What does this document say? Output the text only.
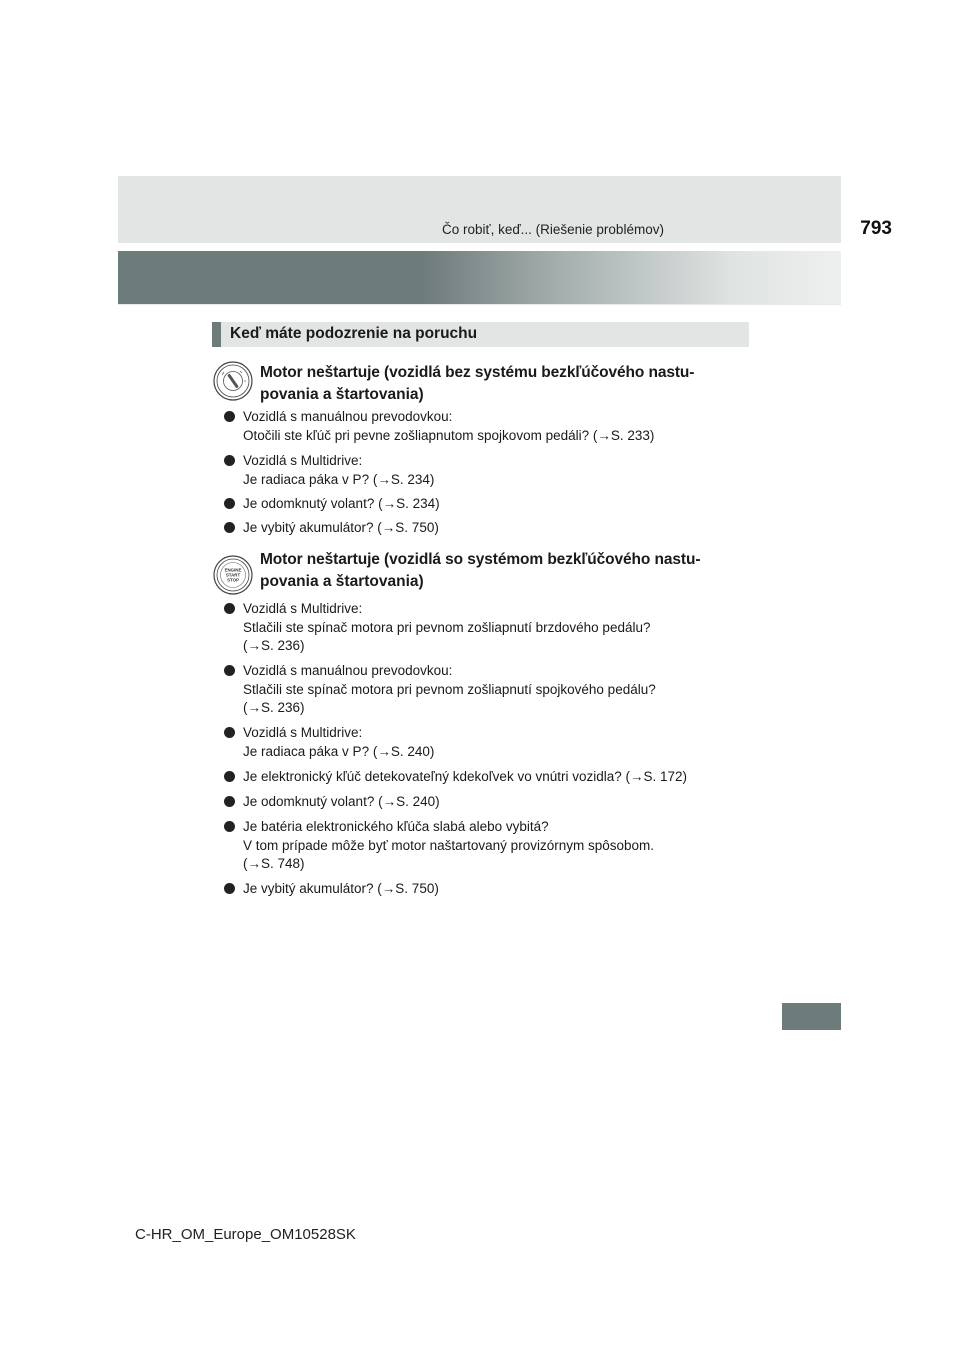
Čo robiť, keď... (Riešenie problémov)	793
Keď máte podozrenie na poruchu
Motor neštartuje (vozidlá bez systému bezkľúčového nastu-
povania a štartovania)
Vozidlá s manuálnou prevodovkou:
Otočili ste kľúč pri pevne zošliapnutom spojkovom pedáli? (→S. 233)
Vozidlá s Multidrive:
Je radiaca páka v P? (→S. 234)
Je odomknutý volant? (→S. 234)
Je vybitý akumulátor? (→S. 750)
ENGINE
START
STOP
Motor neštartuje (vozidlá so systémom bezkľúčového nastu-
povania a štartovania)
Vozidlá s Multidrive:
Stlačili ste spínač motora pri pevnom zošliapnutí brzdového pedálu?
(→S. 236)
Vozidlá s manuálnou prevodovkou:
Stlačili ste spínač motora pri pevnom zošliapnutí spojkového pedálu?
(→S. 236)
Vozidlá s Multidrive:
Je radiaca páka v P? (→S. 240)
Je elektronický kľúč detekovateľný kdekoľvek vo vnútri vozidla? (→S. 172)
Je odomknutý volant? (→S. 240)
Je batéria elektronického kľúča slabá alebo vybitá?
V tom prípade môže byť motor naštartovaný provizórnym spôsobom.
(→S. 748)
Je vybitý akumulátor? (→S. 750)
C-HR_OM_Europe_OM10528SK
